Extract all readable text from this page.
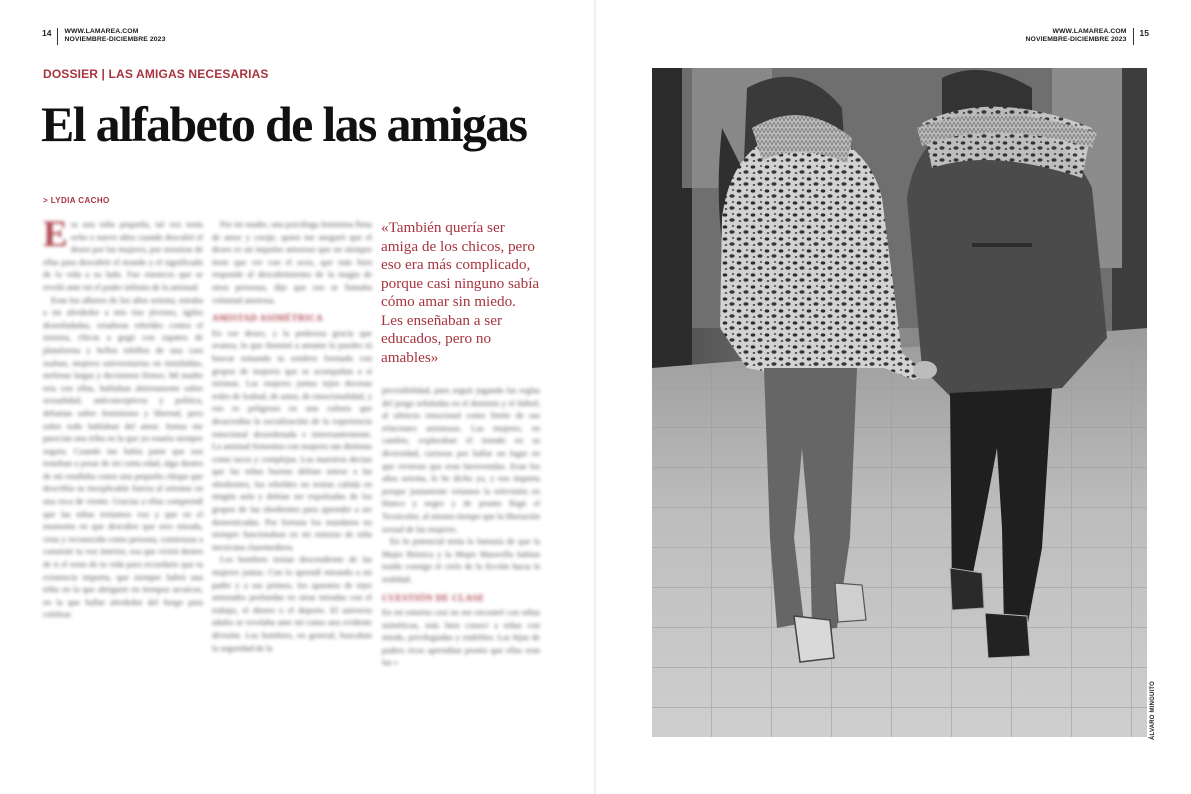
14 WWW.LAMAREA.COM
NOVIEMBRE-DICIEMBRE 2023
WWW.LAMAREA.COM
NOVIEMBRE-DICIEMBRE 2023
15
DOSSIER | LAS AMIGAS NECESARIAS
El alfabeto de las amigas
> LYDIA CACHO
E ra una niña pequeña, tal vez tenía ocho o nueve años cuando descubrí el deseo por las mujeres, por nosotras de ellas para descubrir el mundo y el significado de la vida a su lado. Fue entonces que se reveló ante mí el poder infinito de la amistad.

Eran los albores de los años setenta, miraba a mi alrededor a mis tías jóvenes, ágiles desenfadadas, retadoras rebeldes contra el sistema, chicas a gogó con zapatos de plataforma y bellos tobillos de una cara usaban, mujeres universitarias en minifaldas, melenas largas y decisiones firmes. Mi madre reía con ellas, hablaban abiertamente sobre sexualidad, anticonceptivos y política, debatían sobre feminismo y libertad, pero sobre todo hablaban del amor. Juntas me parecían una tribu en la que yo estaría siempre segura. Cuando me había parte que nos tentaban a pesar de mi corta edad, algo dentro de mí estallaba como una pequeña chispa que describía su inexplicable fuerza al orientar en una roca de viento. Gracias a ellas comprendí que las niñas teníamos voz y que en el momento en que descubre que eres mirada, vista y reconocida como persona, comienzas a construir tu voz interior, esa que vivirá dentro de ti el resto de tu vida para recordarte que tu existencia importa, que siempre habrá una tribu en la que abrigarte en tiempos arcaicos, en la que hallar alrededor del fuego para celebrar.

Por mi madre, una psicóloga feminista llena de amor y coraje, quien me aseguró que el deseo es un impulso amoroso que no siempre tiene que ver con el sexo, que más bien responde al descubrimiento de la magia de otras personas, dije que eso se llamaba voluntad amorosa.

AMISTAD ASIMÉTRICA

En ese deseo, y la poderosa gracia que avanza, lo que iluminó a amante lo puedes tú buscar tomando tu sendero formado con grupos de mujeres que se acompañan a sí mismas. Las mujeres juntas tejen decenas redes de lealtad, de amor, de emocionalidad, y eso es peligroso en una cultura que desacredita la socialización de la experiencia emocional desordenada e interesantemente. La amistad femenina con mujeres tan distintas como tacos y complejas. Los maestros decían que las niñas buenas debían unirse a las obedientes, los rebeldes no tenían cabida en ningún aula y debían ser expulsadas de los grupos de las obedientes para aprender a ser domesticadas. Por fortuna los mandatos no siempre funcionaban en mi entorno de niña mexicana clasemediera.

Los hombres tenían descendiente de las mujeres juntas. Con lo aprendí mirando a mi padre y a sus primos, los aparatos de tejer amistades profundas en otras miradas con el trabajo, el dinero o el deporte. El universo adulto se revelaba ante mí como una evidente división. Los hombres, en general, buscaban la seguridad de la

«También quería ser amiga de los chicos, pero eso era más complicado, porque casi ninguno sabía cómo amar sin miedo. Les enseñaban a ser educados, pero no amables»

previsibilidad, para seguir jugando las reglas del juego señaladas en el dominio y el fútbol; al silencio emocional como límite de sus relaciones amistosas. Las mujeres, en cambio, exploraban el mundo en su diversidad, curiosas por hallar un lugar en que vivieran que eran bienvenidas. Eran los años setenta, lo he dicho ya, y eso importa porque justamente veíamos la televisión en blanco y negro y de pronto llegó el Tecnicolor, al mismo tiempo que la liberación sexual de las mujeres.

En lo potencial tenía la fantasía de que la Mujer Biónica y la Mujer Maravilla habían traído consigo el cielo de la ficción hacia la realidad.

CUESTIÓN DE CLASE

En mi entorno casi no me encontré con niñas miméticas, más bien conocí a niñas con miedo, privilegiadas y endebles. Las hijas de padres ricos aprendían pronto que ellas eran las »

ÁLVARO MINGUITO
